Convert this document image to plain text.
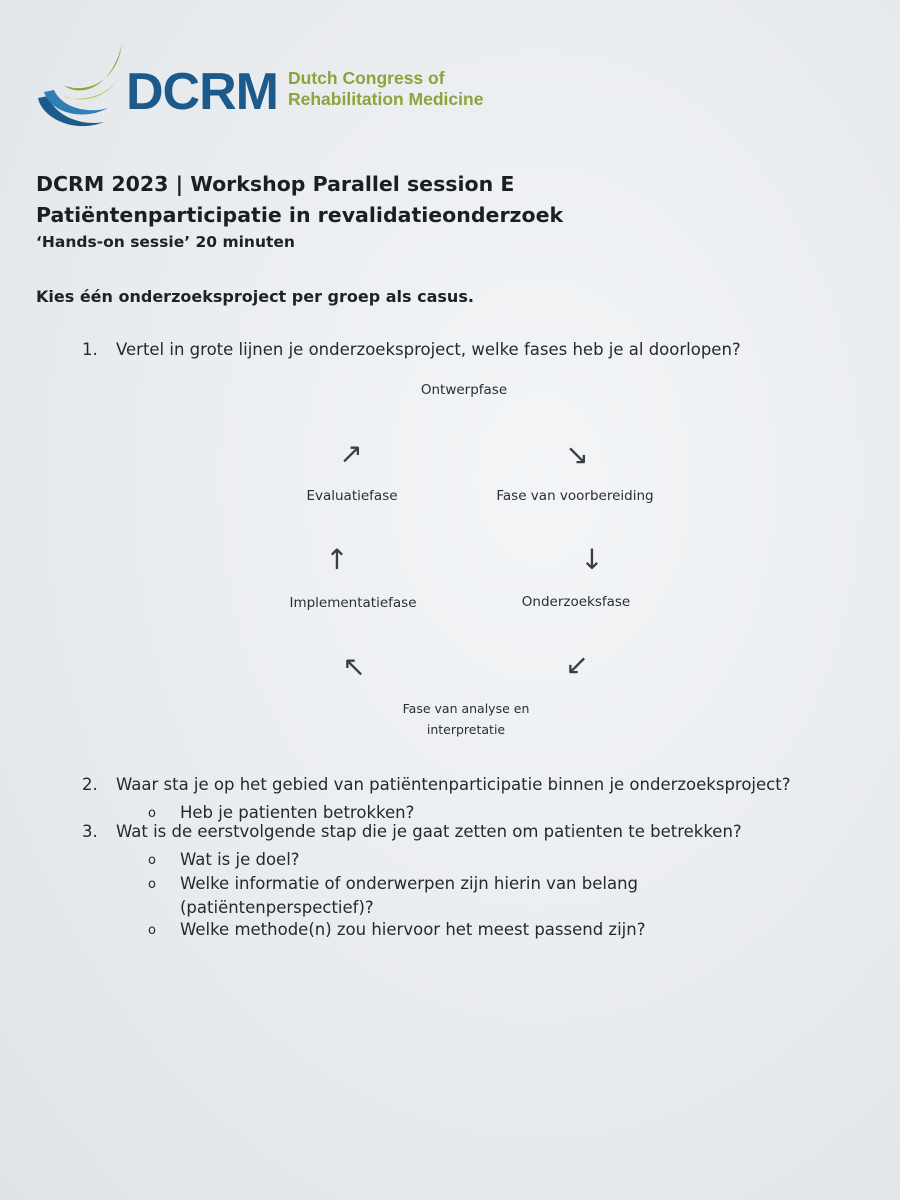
DCRM Dutch Congress of
Rehabilitation Medicine
DCRM 2023 | Workshop Parallel session E
Patiëntenparticipatie in revalidatieonderzoek
‘Hands-on sessie’ 20 minuten
Kies één onderzoeksproject per groep als casus.
1. Vertel in grote lijnen je onderzoeksproject, welke fases heb je al doorlopen?
Ontwerpfase
↘
Fase van voorbereiding
↓
Onderzoeksfase
↙
Fase van analyse en
interpretatie
↖
Implementatiefase
↑
Evaluatiefase
↗
2. Waar sta je op het gebied van patiëntenparticipatie binnen je onderzoeksproject?
o Heb je patienten betrokken?
3. Wat is de eerstvolgende stap die je gaat zetten om patienten te betrekken?
o Wat is je doel?
o Welke informatie of onderwerpen zijn hierin van belang
(patiëntenperspectief)?
o Welke methode(n) zou hiervoor het meest passend zijn?
